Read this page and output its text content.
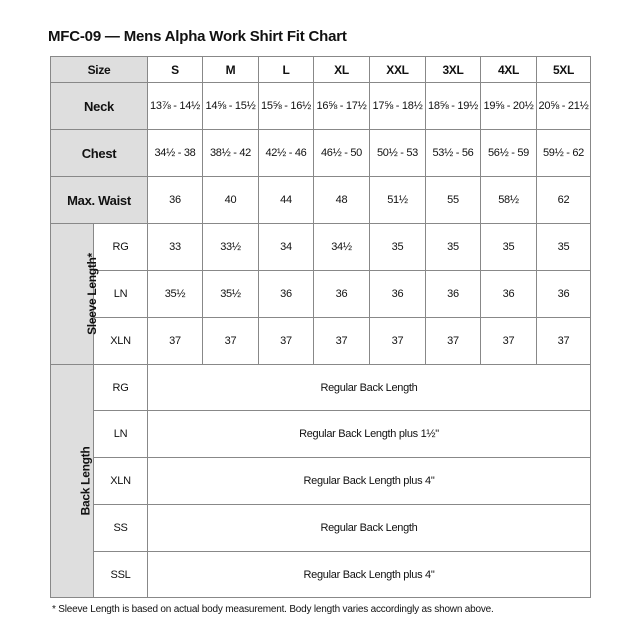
MFC-09 — Mens Alpha Work Shirt Fit Chart
Size		S	M	L	XL	XXL	3XL	4XL	5XL
Neck		13⅞ - 14½	14⅝ - 15½	15⅝ - 16½	16⅝ - 17½	17⅝ - 18½	18⅝ - 19½	19⅝ - 20½	20⅝ - 21½
Chest		34½ - 38	38½ - 42	42½ - 46	46½ - 50	50½ - 53	53½ - 56	56½ - 59	59½ - 62
Max. Waist		36	40	44	48	51½	55	58½	62
Sleeve Length*	RG	33	33½	34	34½	35	35	35	35
	LN	35½	35½	36	36	36	36	36	36
	XLN	37	37	37	37	37	37	37	37
Back Length	RG	Regular Back Length							
	LN	Regular Back Length plus 1½"							
	XLN	Regular Back Length plus 4"							
	SS	Regular Back Length							
	SSL	Regular Back Length plus 4"							
* Sleeve Length is based on actual body measurement. Body length varies accordingly as shown above.
